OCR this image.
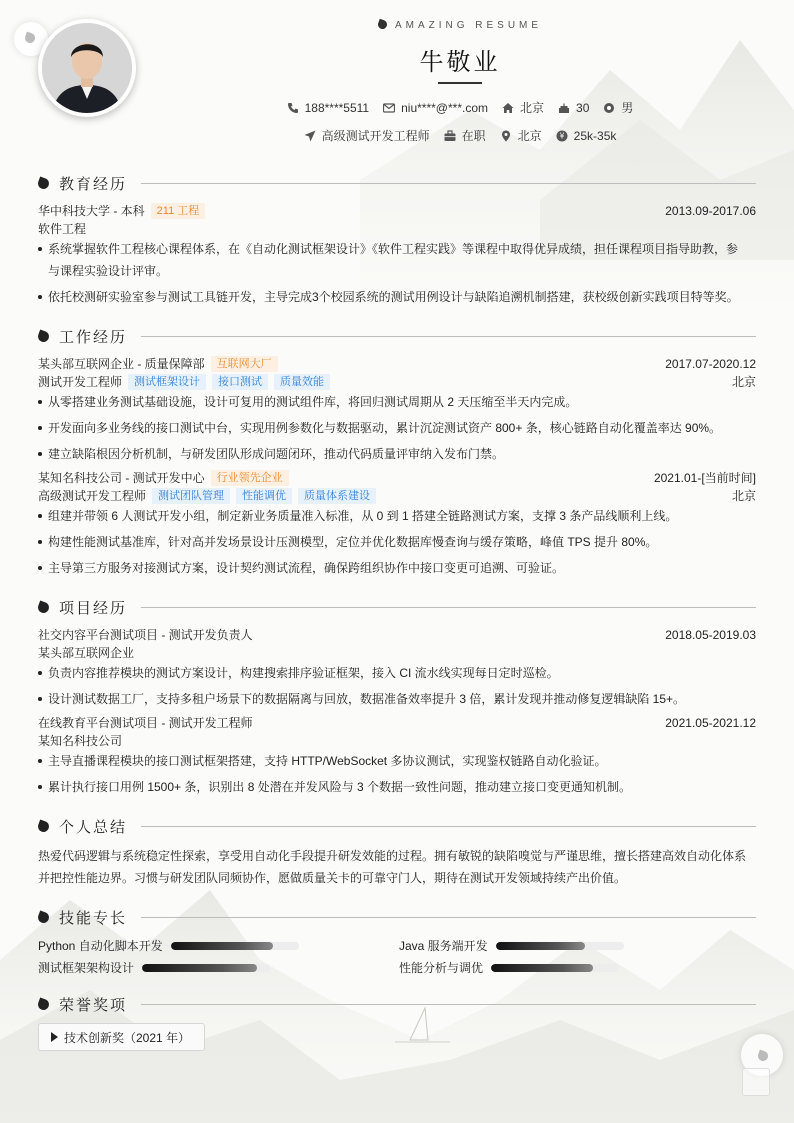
AMAZING RESUME
牛敬业
188****5511	niu****@***.com	北京	30	男
高级测试开发工程师	在职	北京 ¥ 25k-35k
教育经历
华中科技大学 - 本科	211 工程	2013.09-2017.06
软件工程
系统掌握软件工程核心课程体系，在《自动化测试框架设计》《软件工程实践》等课程中取得优异成绩，担任课程项目指导助教，参
与课程实验设计评审。
依托校测研实验室参与测试工具链开发，主导完成3个校园系统的测试用例设计与缺陷追溯机制搭建，获校级创新实践项目特等奖。
工作经历
某头部互联网企业 - 质量保障部	互联网大厂	2017.07-2020.12
测试开发工程师	测试框架设计	接口测试	质量效能	北京
从零搭建业务测试基础设施，设计可复用的测试组件库，将回归测试周期从 2 天压缩至半天内完成。
开发面向多业务线的接口测试中台，实现用例参数化与数据驱动，累计沉淀测试资产 800+ 条，核心链路自动化覆盖率达 90%。
建立缺陷根因分析机制，与研发团队形成问题闭环，推动代码质量评审纳入发布门禁。
某知名科技公司 - 测试开发中心	行业领先企业	2021.01-[当前时间]
高级测试开发工程师	测试团队管理	性能调优	质量体系建设	北京
组建并带领 6 人测试开发小组，制定新业务质量准入标准，从 0 到 1 搭建全链路测试方案，支撑 3 条产品线顺利上线。
构建性能测试基准库，针对高并发场景设计压测模型，定位并优化数据库慢查询与缓存策略，峰值 TPS 提升 80%。
主导第三方服务对接测试方案，设计契约测试流程，确保跨组织协作中接口变更可追溯、可验证。
项目经历
社交内容平台测试项目 - 测试开发负责人	2018.05-2019.03
某头部互联网企业
负责内容推荐模块的测试方案设计，构建搜索排序验证框架，接入 CI 流水线实现每日定时巡检。
设计测试数据工厂，支持多租户场景下的数据隔离与回放，数据准备效率提升 3 倍，累计发现并推动修复逻辑缺陷 15+。
在线教育平台测试项目 - 测试开发工程师	2021.05-2021.12
某知名科技公司
主导直播课程模块的接口测试框架搭建，支持 HTTP/WebSocket 多协议测试，实现鉴权链路自动化验证。
累计执行接口用例 1500+ 条，识别出 8 处潜在并发风险与 3 个数据一致性问题，推动建立接口变更通知机制。
个人总结
热爱代码逻辑与系统稳定性探索，享受用自动化手段提升研发效能的过程。拥有敏锐的缺陷嗅觉与严谨思维，擅长搭建高效自动化体系
并把控性能边界。习惯与研发团队同频协作，愿做质量关卡的可靠守门人，期待在测试开发领域持续产出价值。
技能专长
Python 自动化脚本开发	Java 服务端开发
测试框架架构设计	性能分析与调优
荣誉奖项
技术创新奖（2021 年）
